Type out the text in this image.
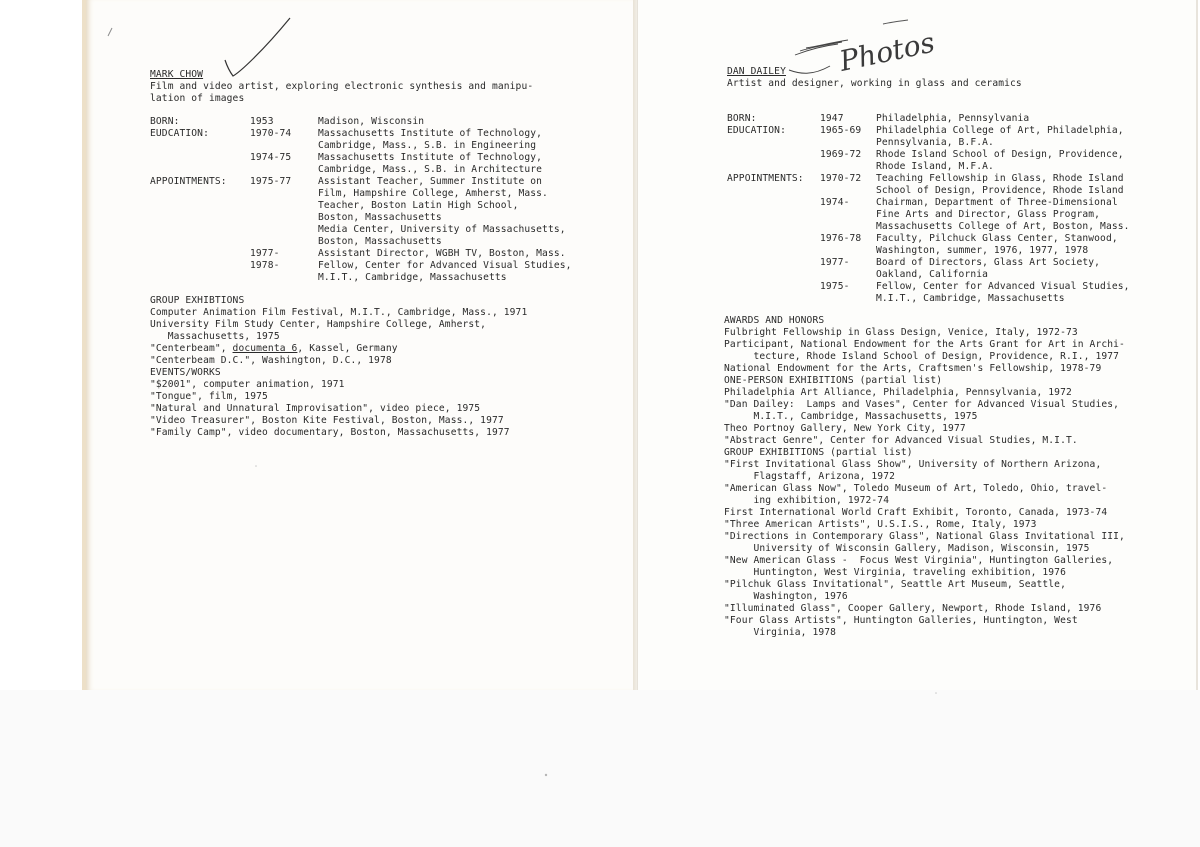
MARK CHOW

Film and video artist, exploring electronic synthesis and manipu-

lation of images

BORN:	1953	Madison, Wisconsin

EUDCATION:	1970-74	Massachusetts Institute of Technology,

Cambridge, Mass., S.B. in Engineering

1974-75	Massachusetts Institute of Technology,

Cambridge, Mass., S.B. in Architecture

APPOINTMENTS: 1975-77	Assistant Teacher, Summer Institute on

Film, Hampshire College, Amherst, Mass.

Teacher, Boston Latin High School,

Boston, Massachusetts

Media Center, University of Massachusetts,

Boston, Massachusetts

1977-	Assistant Director, WGBH TV, Boston, Mass.

1978-	Fellow, Center for Advanced Visual Studies,

M.I.T., Cambridge, Massachusetts

GROUP EXHIBTIONS

Computer Animation Film Festival, M.I.T., Cambridge, Mass., 1971

University Film Study Center, Hampshire College, Amherst,

Massachusetts, 1975

"Centerbeam", documenta 6, Kassel, Germany

"Centerbeam D.C.", Washington, D.C., 1978

EVENTS/WORKS

"$2001", computer animation, 1971

"Tongue", film, 1975

"Natural and Unnatural Improvisation", video piece, 1975

"Video Treasurer", Boston Kite Festival, Boston, Mass., 1977

"Family Camp", video documentary, Boston, Massachusetts, 1977

DAN DAILEY

Artist and designer, working in glass and ceramics

BORN:	1947	Philadelphia, Pennsylvania

EDUCATION:	1965-69 Philadelphia College of Art, Philadelphia,

Pennsylvania, B.F.A.

1969-72 Rhode Island School of Design, Providence,

Rhode Island, M.F.A.

APPOINTMENTS: 1970-72 Teaching Fellowship in Glass, Rhode Island

School of Design, Providence, Rhode Island

1974-	Chairman, Department of Three-Dimensional

Fine Arts and Director, Glass Program,

Massachusetts College of Art, Boston, Mass.

1976-78 Faculty, Pilchuck Glass Center, Stanwood,

Washington, summer, 1976, 1977, 1978

1977-	Board of Directors, Glass Art Society,

Oakland, California

1975-	Fellow, Center for Advanced Visual Studies,

M.I.T., Cambridge, Massachusetts

AWARDS AND HONORS

Fulbright Fellowship in Glass Design, Venice, Italy, 1972-73

Participant, National Endowment for the Arts Grant for Art in Archi-

tecture, Rhode Island School of Design, Providence, R.I., 1977

National Endowment for the Arts, Craftsmen's Fellowship, 1978-79

ONE-PERSON EXHIBITIONS (partial list)

Philadelphia Art Alliance, Philadelphia, Pennsylvania, 1972

"Dan Dailey:  Lamps and Vases", Center for Advanced Visual Studies,

M.I.T., Cambridge, Massachusetts, 1975

Theo Portnoy Gallery, New York City, 1977

"Abstract Genre", Center for Advanced Visual Studies, M.I.T.

GROUP EXHIBITIONS (partial list)

"First Invitational Glass Show", University of Northern Arizona,

Flagstaff, Arizona, 1972

"American Glass Now", Toledo Museum of Art, Toledo, Ohio, travel-

ing exhibition, 1972-74

First International World Craft Exhibit, Toronto, Canada, 1973-74

"Three American Artists", U.S.I.S., Rome, Italy, 1973

"Directions in Contemporary Glass", National Glass Invitational III,

University of Wisconsin Gallery, Madison, Wisconsin, 1975

"New American Glass -  Focus West Virginia", Huntington Galleries,

Huntington, West Virginia, traveling exhibition, 1976

"Pilchuk Glass Invitational", Seattle Art Museum, Seattle,

Washington, 1976

"Illuminated Glass", Cooper Gallery, Newport, Rhode Island, 1976

"Four Glass Artists", Huntington Galleries, Huntington, West

Virginia, 1978

Photos
